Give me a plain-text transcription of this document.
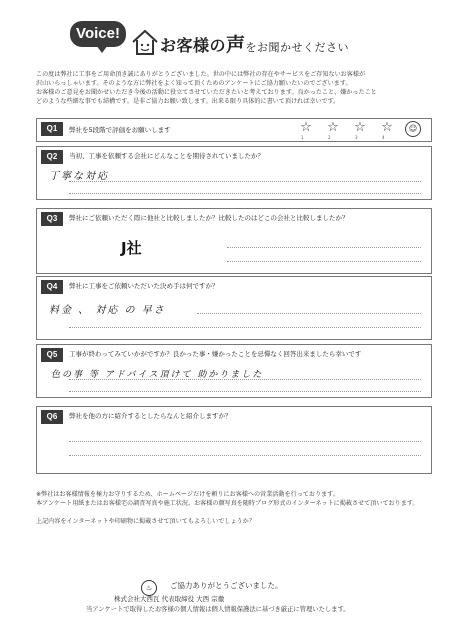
Voice!
お客様の声をお聞かせください
この度は弊社に工事をご用命頂き誠にありがとうございました。世の中には弊社の存在やサービスをご存知ないお客様が
沢山いらっしゃいます。そのような方に弊社をよく知って頂くためのアンケートにご協力願いたいのでございます。
お客様のご意見をお聞かせいただき今後の活動に役立てさせていただきたいと考えております。良かったこと、嫌かったこと
どのような些細な事でも結構です。是非ご協力お願い致します。出来る限り具体的に書いて頂ければ幸いです。
Q1	弊社を5段階で評価をお願いします	☆
1
☆
2
☆
3
☆
4
☺
Q2	当初、工事を依頼する会社にどんなことを期待されていましたか？
丁寧な対応
Q3	弊社にご依頼いただく際に他社と比較しましたか？比較したのはどこの会社と比較しましたか？
J社
Q4	弊社に工事をご依頼いただいた決め手は何ですか？
料金 、 対応 の 早さ
Q5	工事が終わってみていかがですか？良かった事・嫌かったことを忌憚なく回答出来ましたら幸いです
色の事 等 アドバイス頂けて 助かりました
Q6	弊社を他の方に紹介するとしたらなんと紹介しますか？
※弊社はお客様情報を極力お守りするため、ホームページだけを頼りにお客様への営業活動を行っております。
本アンケート用紙またはお客様宅の調査写真や施工状況、お客様の顔写真を随時ブログ形式のインターネットに掲載させて頂いております。

上記内容をインターネットや印刷物に掲載させて頂いてもよろしいでしょうか？
♨	ご協力ありがとうございました。
株式会社大西瓦 代表取締役 大西 宗徹
当アンケートで取得したお客様の個人情報は個人情報保護法に基づき厳正に管理いたします。
